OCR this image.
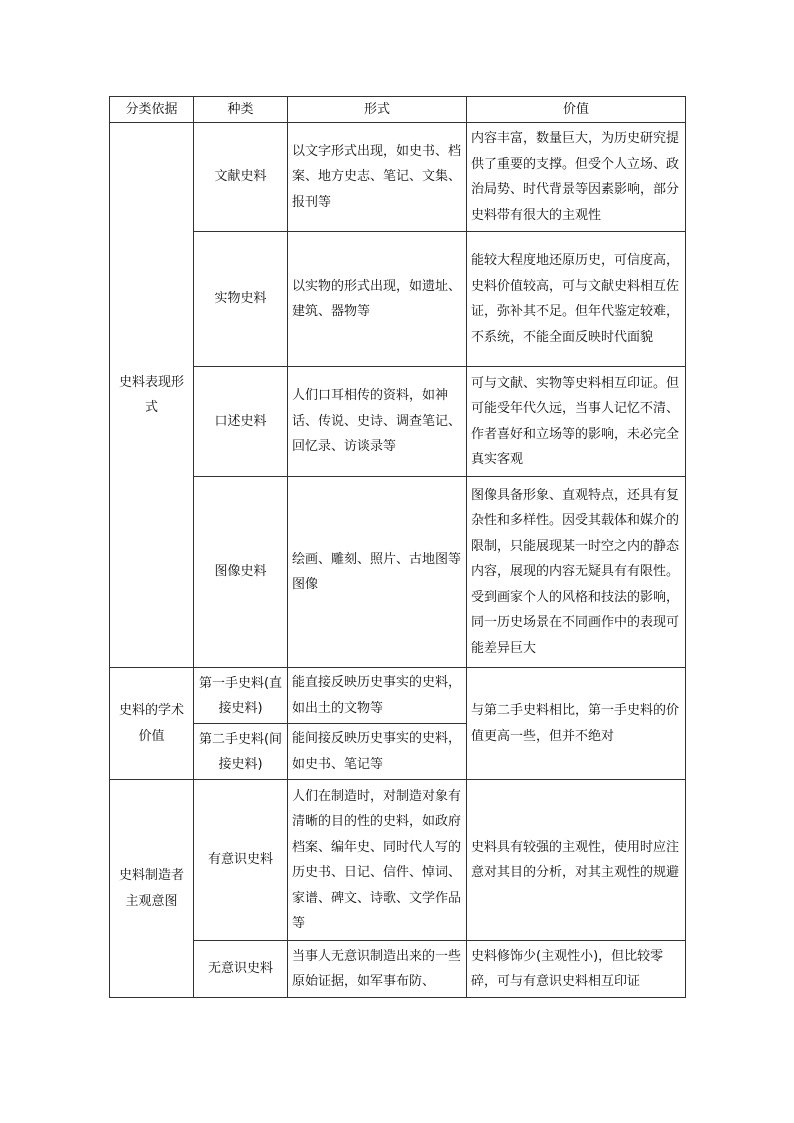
分类依据	种类	形式	价值
史料表现形式	文献史料	以文字形式出现，如史书、档案、地方史志、笔记、文集、报刊等	内容丰富，数量巨大，为历史研究提供了重要的支撑。但受个人立场、政治局势、时代背景等因素影响，部分史料带有很大的主观性
	实物史料	以实物的形式出现，如遗址、建筑、器物等	能较大程度地还原历史，可信度高，史料价值较高，可与文献史料相互佐证，弥补其不足。但年代鉴定较难，不系统，不能全面反映时代面貌
	口述史料	人们口耳相传的资料，如神话、传说、史诗、调查笔记、回忆录、访谈录等	可与文献、实物等史料相互印证。但可能受年代久远，当事人记忆不清、作者喜好和立场等的影响，未必完全真实客观
	图像史料	绘画、雕刻、照片、古地图等图像	图像具备形象、直观特点，还具有复杂性和多样性。因受其载体和媒介的限制，只能展现某一时空之内的静态内容，展现的内容无疑具有有限性。受到画家个人的风格和技法的影响，同一历史场景在不同画作中的表现可能差异巨大
史料的学术价值	第一手史料(直接史料)	能直接反映历史事实的史料，如出土的文物等	与第二手史料相比，第一手史料的价值更高一些，但并不绝对
	第二手史料(间接史料)	能间接反映历史事实的史料，如史书、笔记等	
史料制造者主观意图	有意识史料	人们在制造时，对制造对象有清晰的目的性的史料，如政府档案、编年史、同时代人写的历史书、日记、信件、悼词、家谱、碑文、诗歌、文学作品等	史料具有较强的主观性，使用时应注意对其目的分析，对其主观性的规避
	无意识史料	当事人无意识制造出来的一些原始证据，如军事布防、	史料修饰少(主观性小)，但比较零碎，可与有意识史料相互印证
